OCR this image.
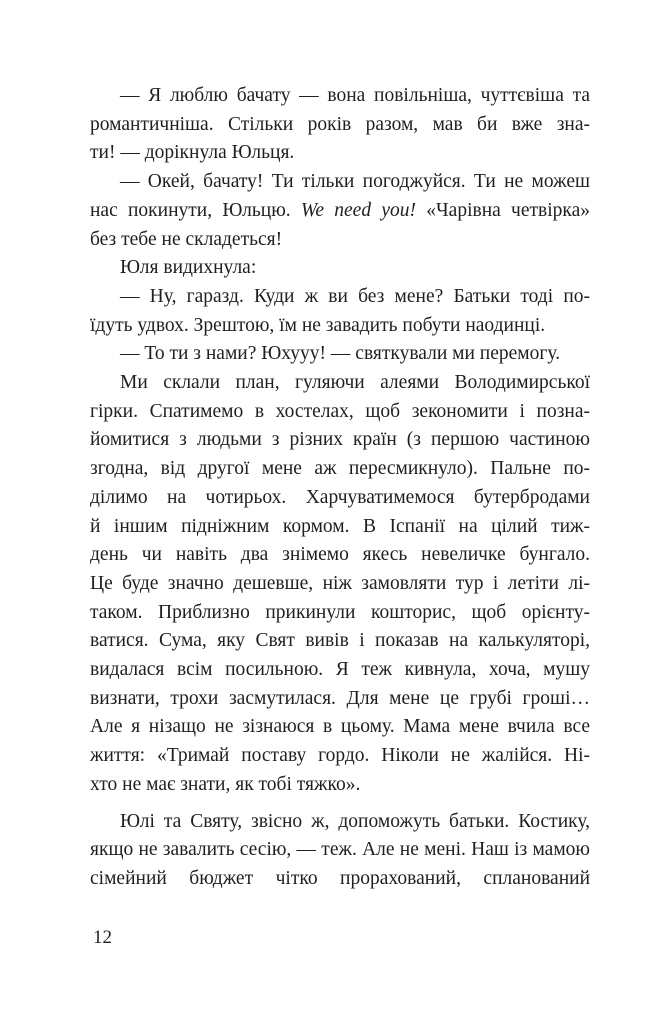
— Я люблю бачату — вона повільніша, чуттєвіша та
романтичніша. Стільки років разом, мав би вже зна-
ти! — дорікнула Юльця.
— Окей, бачату! Ти тільки погоджуйся. Ти не можеш
нас покинути, Юльцю. We need you! «Чарівна четвірка»
без тебе не складеться!
Юля видихнула:
— Ну, гаразд. Куди ж ви без мене? Батьки тоді по-
їдуть удвох. Зрештою, їм не завадить побути наодинці.
— То ти з нами? Юхууу! — святкували ми перемогу.
Ми склали план, гуляючи алеями Володимирської
гірки. Спатимемо в хостелах, щоб зекономити і позна-
йомитися з людьми з різних країн (з першою частиною
згодна, від другої мене аж пересмикнуло). Пальне по-
ділимо на чотирьох. Харчуватимемося бутербродами
й іншим підніжним кормом. В Іспанії на цілий тиж-
день чи навіть два знімемо якесь невеличке бунгало.
Це буде значно дешевше, ніж замовляти тур і летіти лі-
таком. Приблизно прикинули кошторис, щоб орієнту-
ватися. Сума, яку Свят вивів і показав на калькуляторі,
видалася всім посильною. Я теж кивнула, хоча, мушу
визнати, трохи засмутилася. Для мене це грубі гроші…
Але я нізащо не зізнаюся в цьому. Мама мене вчила все
життя: «Тримай поставу гордо. Ніколи не жалійся. Ні-
хто не має знати, як тобі тяжко».
Юлі та Святу, звісно ж, допоможуть батьки. Костику,
якщо не завалить сесію, — теж. Але не мені. Наш із мамою
сімейний бюджет чітко прорахований, спланований
12
